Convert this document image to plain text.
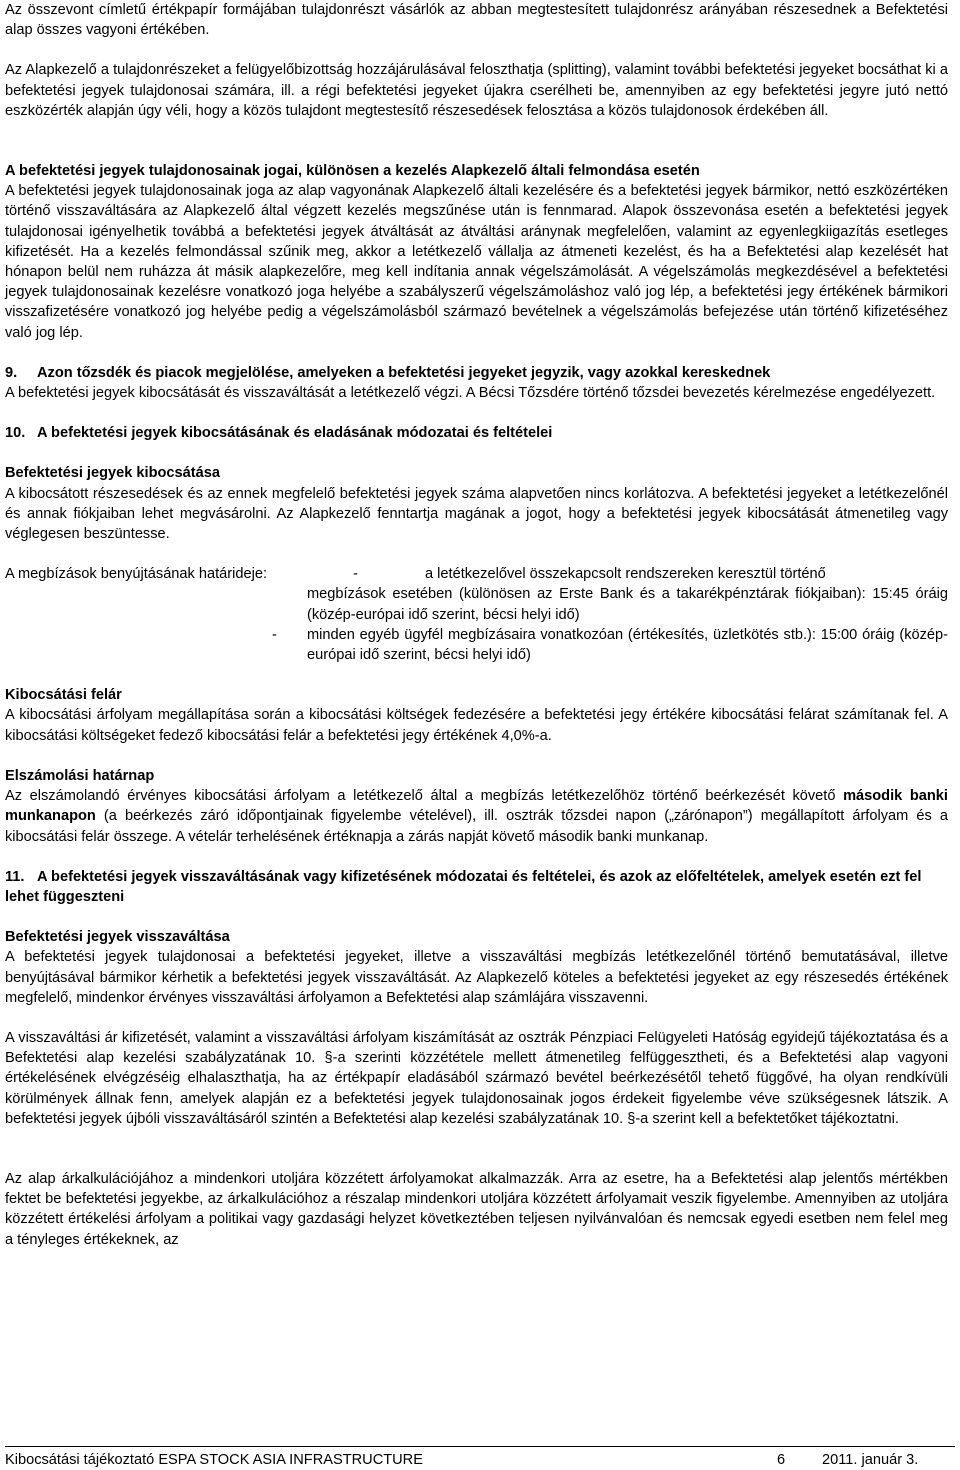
Az összevont címletű értékpapír formájában tulajdonrészt vásárlók az abban megtestesített tulajdonrész arányában részesednek a Befektetési alap összes vagyoni értékében.

Az Alapkezelő a tulajdonrészeket a felügyelőbizottság hozzájárulásával feloszthatja (splitting), valamint további befektetési jegyeket bocsáthat ki a befektetési jegyek tulajdonosai számára, ill. a régi befektetési jegyeket újakra cserélheti be, amennyiben az egy befektetési jegyre jutó nettó eszközérték alapján úgy véli, hogy a közös tulajdont megtestesítő részesedések felosztása a közös tulajdonosok érdekében áll.

A befektetési jegyek tulajdonosainak jogai, különösen a kezelés Alapkezelő általi felmondása esetén

A befektetési jegyek tulajdonosainak joga az alap vagyonának Alapkezelő általi kezelésére és a befektetési jegyek bármikor, nettó eszközértéken történő visszaváltására az Alapkezelő által végzett kezelés megszűnése után is fennmarad. Alapok összevonása esetén a befektetési jegyek tulajdonosai igényelhetik továbbá a befektetési jegyek átváltását az átváltási aránynak megfelelően, valamint az egyenlegkiigazítás esetleges kifizetését. Ha a kezelés felmondással szűnik meg, akkor a letétkezelő vállalja az átmeneti kezelést, és ha a Befektetési alap kezelését hat hónapon belül nem ruházza át másik alapkezelőre, meg kell indítania annak végelszámolását. A végelszámolás megkezdésével a befektetési jegyek tulajdonosainak kezelésre vonatkozó joga helyébe a szabályszerű végelszámoláshoz való jog lép, a befektetési jegy értékének bármikori visszafizetésére vonatkozó jog helyébe pedig a végelszámolásból származó bevételnek a végelszámolás befejezése után történő kifizetéséhez való jog lép.

9. Azon tőzsdék és piacok megjelölése, amelyeken a befektetési jegyeket jegyzik, vagy azokkal kereskednek

A befektetési jegyek kibocsátását és visszaváltását a letétkezelő végzi. A Bécsi Tőzsdére történő tőzsdei bevezetés kérelmezése engedélyezett.

10. A befektetési jegyek kibocsátásának és eladásának módozatai és feltételei
Befektetési jegyek kibocsátása

A kibocsátott részesedések és az ennek megfelelő befektetési jegyek száma alapvetően nincs korlátozva. A befektetési jegyeket a letétkezelőnél és annak fiókjaiban lehet megvásárolni. Az Alapkezelő fenntartja magának a jogot, hogy a befektetési jegyek kibocsátását átmenetileg vagy véglegesen beszüntesse.

A megbízások benyújtásának határideje:	-	a letétkezelővel összekapcsolt rendszereken keresztül történő

megbízások esetében (különösen az Erste Bank és a takarékpénztárak fiókjaiban): 15:45 óráig (közép-európai idő szerint, bécsi helyi idő)

- minden egyéb ügyfél megbízásaira vonatkozóan (értékesítés, üzletkötés stb.): 15:00 óráig (közép-európai idő szerint, bécsi helyi idő)

Kibocsátási felár

A kibocsátási árfolyam megállapítása során a kibocsátási költségek fedezésére a befektetési jegy értékére kibocsátási felárat számítanak fel. A kibocsátási költségeket fedező kibocsátási felár a befektetési jegy értékének 4,0%-a.

Elszámolási határnap

Az elszámolandó érvényes kibocsátási árfolyam a letétkezelő által a megbízás letétkezelőhöz történő beérkezését követő második banki munkanapon (a beérkezés záró időpontjainak figyelembe vételével), ill. osztrák tőzsdei napon („zárónapon”) megállapított árfolyam és a kibocsátási felár összege. A vételár terhelésének értéknapja a zárás napját követő második banki munkanap.

11. A befektetési jegyek visszaváltásának vagy kifizetésének módozatai és feltételei, és azok az előfeltételek, amelyek esetén ezt fel lehet függeszteni
Befektetési jegyek visszaváltása

A befektetési jegyek tulajdonosai a befektetési jegyeket, illetve a visszaváltási megbízás letétkezelőnél történő bemutatásával, illetve benyújtásával bármikor kérhetik a befektetési jegyek visszaváltását. Az Alapkezelő köteles a befektetési jegyeket az egy részesedés értékének megfelelő, mindenkor érvényes visszaváltási árfolyamon a Befektetési alap számlájára visszavenni.

A visszaváltási ár kifizetését, valamint a visszaváltási árfolyam kiszámítását az osztrák Pénzpiaci Felügyeleti Hatóság egyidejű tájékoztatása és a Befektetési alap kezelési szabályzatának 10. §-a szerinti közzététele mellett átmenetileg felfüggesztheti, és a Befektetési alap vagyoni értékelésének elvégzéséig elhalaszthatja, ha az értékpapír eladásából származó bevétel beérkezésétől tehető függővé, ha olyan rendkívüli körülmények állnak fenn, amelyek alapján ez a befektetési jegyek tulajdonosainak jogos érdekeit figyelembe véve szükségesnek látszik. A befektetési jegyek újbóli visszaváltásáról szintén a Befektetési alap kezelési szabályzatának 10. §-a szerint kell a befektetőket tájékoztatni.

Az alap árkalkulációjához a mindenkori utoljára közzétett árfolyamokat alkalmazzák. Arra az esetre, ha a Befektetési alap jelentős mértékben fektet be befektetési jegyekbe, az árkalkulációhoz a részalap mindenkori utoljára közzétett árfolyamait veszik figyelembe. Amennyiben az utoljára közzétett értékelési árfolyam a politikai vagy gazdasági helyzet következtében teljesen nyilvánvalóan és nemcsak egyedi esetben nem felel meg a tényleges értékeknek, az

Kibocsátási tájékoztató ESPA STOCK ASIA INFRASTRUCTURE	6	2011. január 3.
